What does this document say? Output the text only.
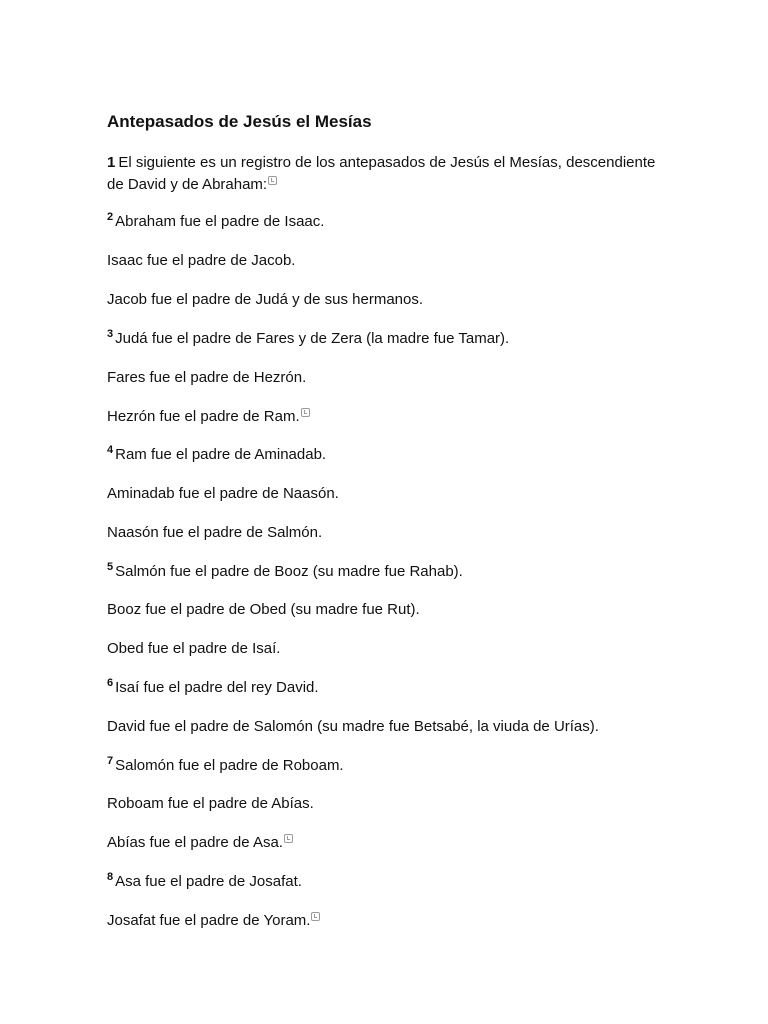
Antepasados de Jesús el Mesías

1 El siguiente es un registro de los antepasados de Jesús el Mesías, descendiente de David y de Abraham:

$^2$ Abraham fue el padre de Isaac.

Isaac fue el padre de Jacob.

Jacob fue el padre de Judá y de sus hermanos.

$^3$ Judá fue el padre de Fares y de Zera (la madre fue Tamar).

Fares fue el padre de Hezrón.

Hezrón fue el padre de Ram.

$^4$ Ram fue el padre de Aminadab.

Aminadab fue el padre de Naasón.

Naasón fue el padre de Salmón.

$^5$ Salmón fue el padre de Booz (su madre fue Rahab).

Booz fue el padre de Obed (su madre fue Rut).

Obed fue el padre de Isaí.

$^6$ Isaí fue el padre del rey David.

David fue el padre de Salomón (su madre fue Betsabé, la viuda de Urías).

$^7$ Salomón fue el padre de Roboam.

Roboam fue el padre de Abías.

Abías fue el padre de Asa.

$^8$ Asa fue el padre de Josafat.

Josafat fue el padre de Yoram.
